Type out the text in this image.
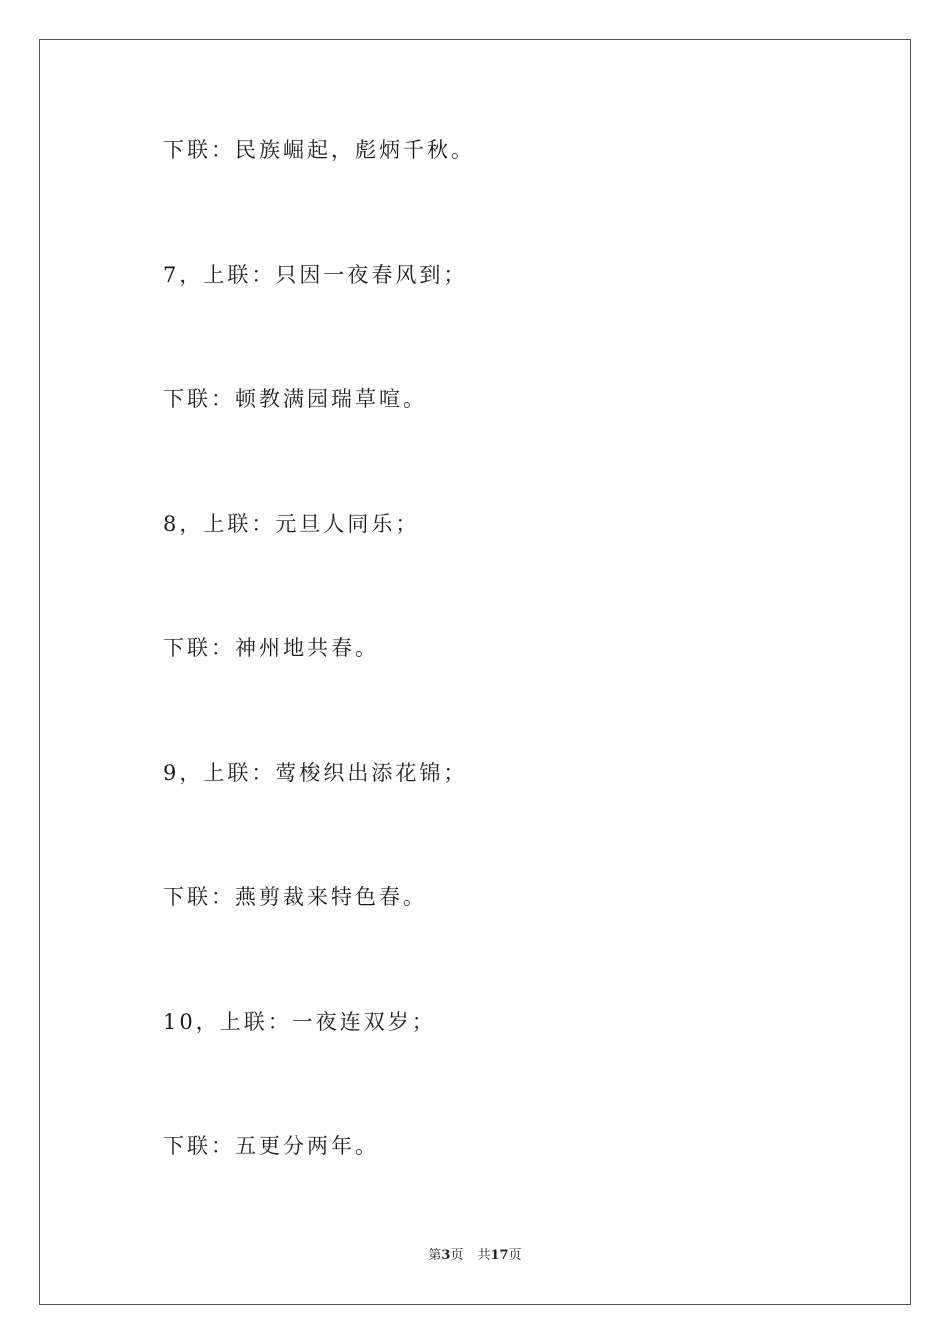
下联：民族崛起，彪炳千秋。
7，上联：只因一夜春风到；
下联：顿教满园瑞草喧。
8，上联：元旦人同乐；
下联：神州地共春。
9，上联：莺梭织出添花锦；
下联：燕剪裁来特色春。
10，上联：一夜连双岁；
下联：五更分两年。
第3页 共17页
